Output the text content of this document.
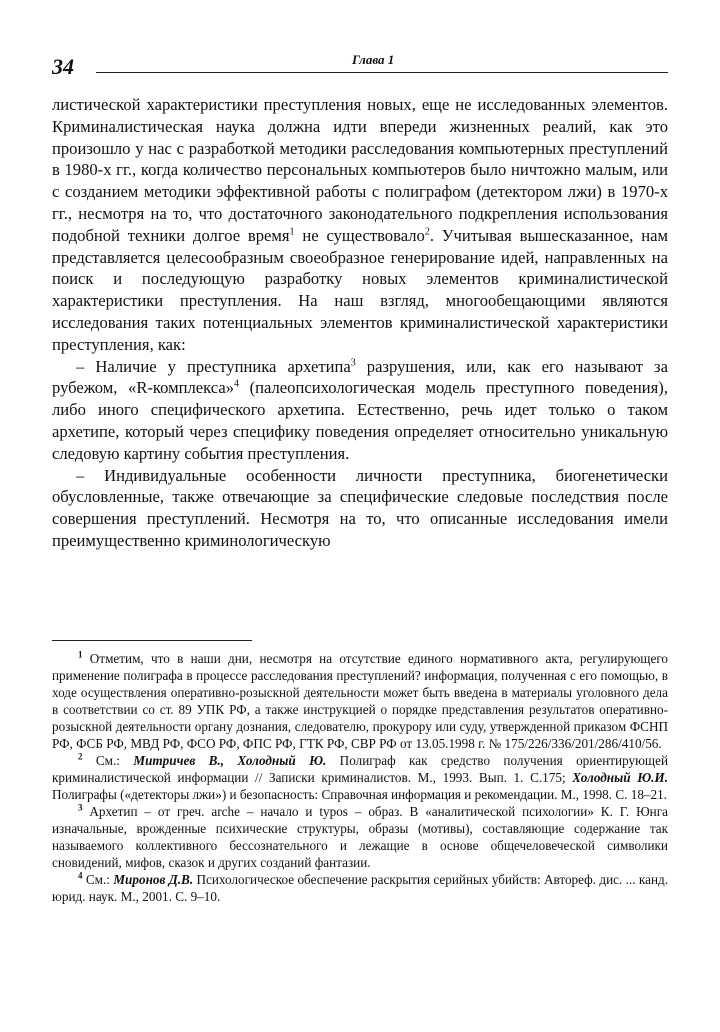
34	Глава 1

листической характеристики преступления новых, еще не исследованных элементов. Криминалистическая наука должна идти впереди жизненных реалий, как это произошло у нас с разработкой методики расследования компьютерных преступлений в 1980-х гг., когда количество персональных компьютеров было ничтожно малым, или с созданием методики эффективной работы с полиграфом (детектором лжи) в 1970-х гг., несмотря на то, что достаточного законодательного подкрепления использования подобной техники долгое время$^1$ не существовало$^2$. Учитывая вышесказанное, нам представляется целесообразным своеобразное генерирование идей, направленных на поиск и последующую разработку новых элементов криминалистической характеристики преступления. На наш взгляд, многообещающими являются исследования таких потенциальных элементов криминалистической характеристики преступления, как:

– Наличие у преступника архетипа$^3$ разрушения, или, как его называют за рубежом, «R-комплекса»$^4$ (палеопсихологическая модель преступного поведения), либо иного специфического архетипа. Естественно, речь идет только о таком архетипе, который через специфику поведения определяет относительно уникальную следовую картину события преступления.

– Индивидуальные особенности личности преступника, биогенетически обусловленные, также отвечающие за специфические следовые последствия после совершения преступлений. Несмотря на то, что описанные исследования имели преимущественно криминологическую

$^1$ Отметим, что в наши дни, несмотря на отсутствие единого нормативного акта, регулирующего применение полиграфа в процессе расследования преступлений? информация, полученная с его помощью, в ходе осуществления оперативно-розыскной деятельности может быть введена в материалы уголовного дела в соответствии со ст. 89 УПК РФ, а также инструкцией о порядке представления результатов оперативно-розыскной деятельности органу дознания, следователю, прокурору или суду, утвержденной приказом ФСНП РФ, ФСБ РФ, МВД РФ, ФСО РФ, ФПС РФ, ГТК РФ, СВР РФ от 13.05.1998 г. № 175/226/336/201/286/410/56.

$^2$ См.: Митричев В., Холодный Ю. Полиграф как средство получения ориентирующей криминалистической информации // Записки криминалистов. М., 1993. Вып. 1. С.175; Холодный Ю.И. Полиграфы («детекторы лжи») и безопасность: Справочная информация и рекомендации. М., 1998. С. 18–21.

$^3$ Архетип – от греч. arche – начало и typos – образ. В «аналитической психологии» К. Г. Юнга изначальные, врожденные психические структуры, образы (мотивы), составляющие содержание так называемого коллективного бессознательного и лежащие в основе общечеловеческой символики сновидений, мифов, сказок и других созданий фантазии.

$^4$ См.: Миронов Д.В. Психологическое обеспечение раскрытия серийных убийств: Автореф. дис. ... канд. юрид. наук. М., 2001. С. 9–10.
